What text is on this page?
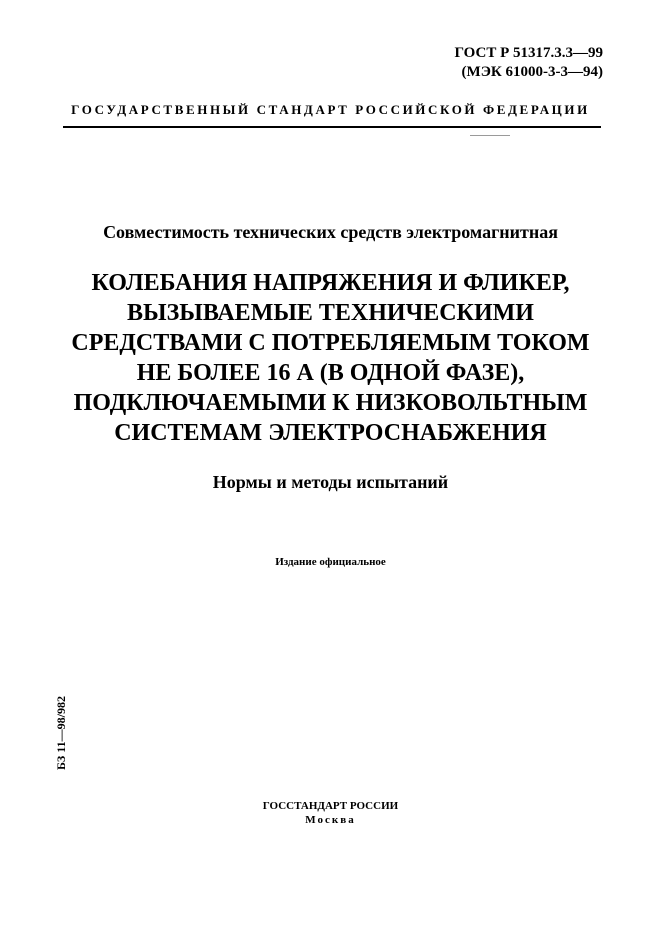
ГОСТ Р 51317.3.3—99
(МЭК 61000-3-3—94)
ГОСУДАРСТВЕННЫЙ СТАНДАРТ РОССИЙСКОЙ ФЕДЕРАЦИИ
Совместимость технических средств электромагнитная
КОЛЕБАНИЯ НАПРЯЖЕНИЯ И ФЛИКЕР,
ВЫЗЫВАЕМЫЕ ТЕХНИЧЕСКИМИ
СРЕДСТВАМИ С ПОТРЕБЛЯЕМЫМ ТОКОМ
НЕ БОЛЕЕ 16 А (В ОДНОЙ ФАЗЕ),
ПОДКЛЮЧАЕМЫМИ К НИЗКОВОЛЬТНЫМ
СИСТЕМАМ ЭЛЕКТРОСНАБЖЕНИЯ
Нормы и методы испытаний
Издание официальное
БЗ 11—98/982
ГОССТАНДАРТ РОССИИ
Москва
